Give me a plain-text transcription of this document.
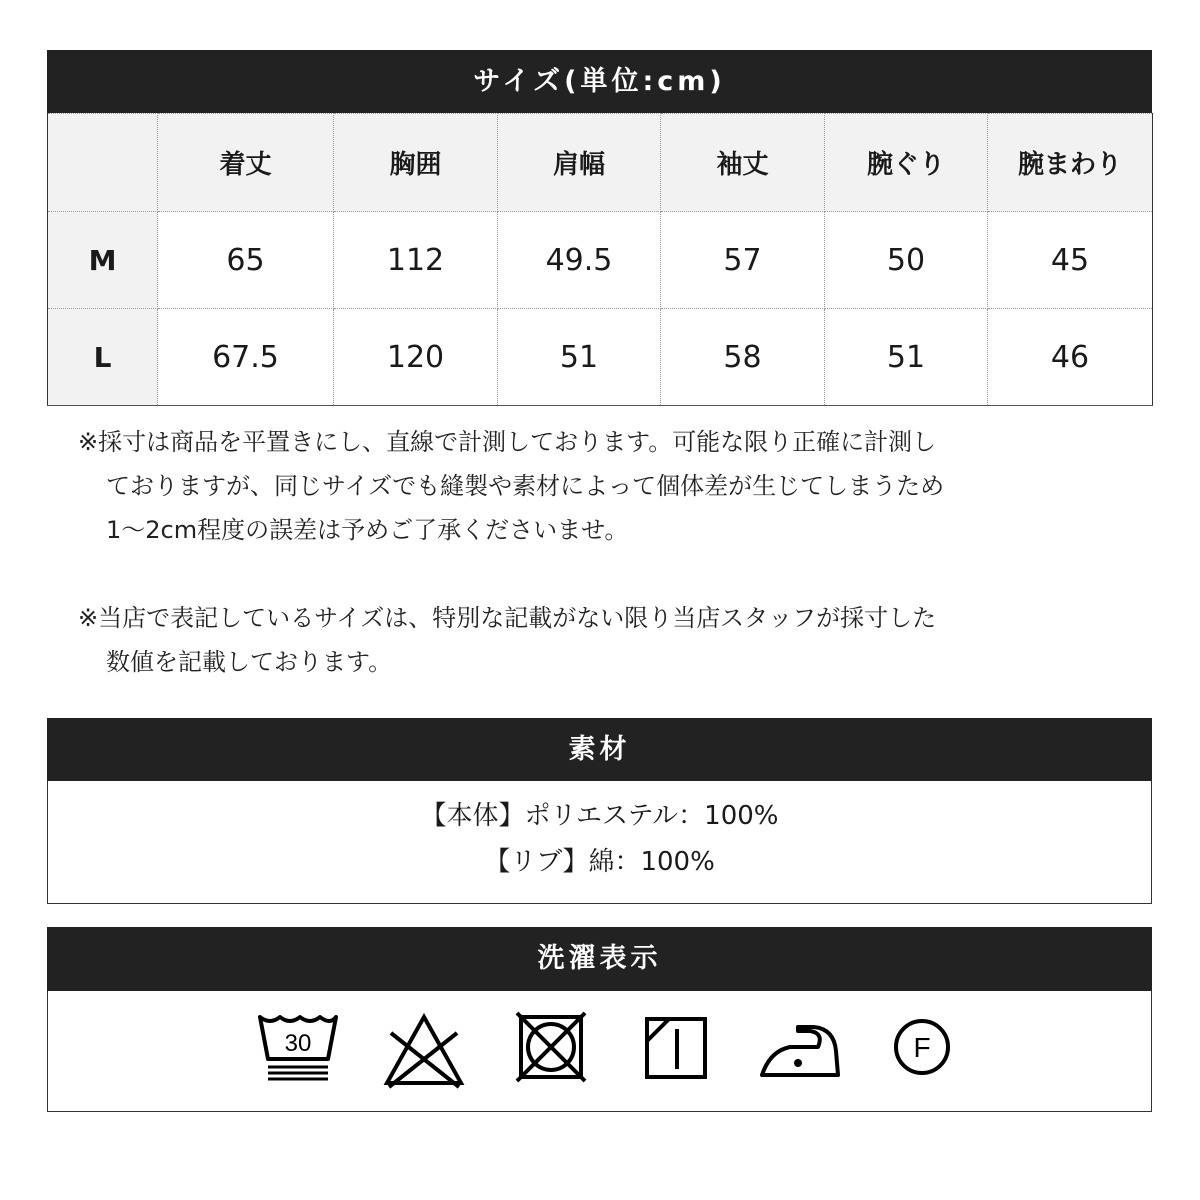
サイズ(単位:cm)
	着丈	胸囲	肩幅	袖丈	腕ぐり	腕まわり
M	65	112	49.5	57	50	45
L	67.5	120	51	58	51	46
※採寸は商品を平置きにし、直線で計測しております。可能な限り正確に計測し
ておりますが、同じサイズでも縫製や素材によって個体差が生じてしまうため
1～2cm程度の誤差は予めご了承くださいませ。
※当店で表記しているサイズは、特別な記載がない限り当店スタッフが採寸した
数値を記載しております。
素材
【本体】ポリエステル：100%
【リブ】綿：100%
洗濯表示
30	F
